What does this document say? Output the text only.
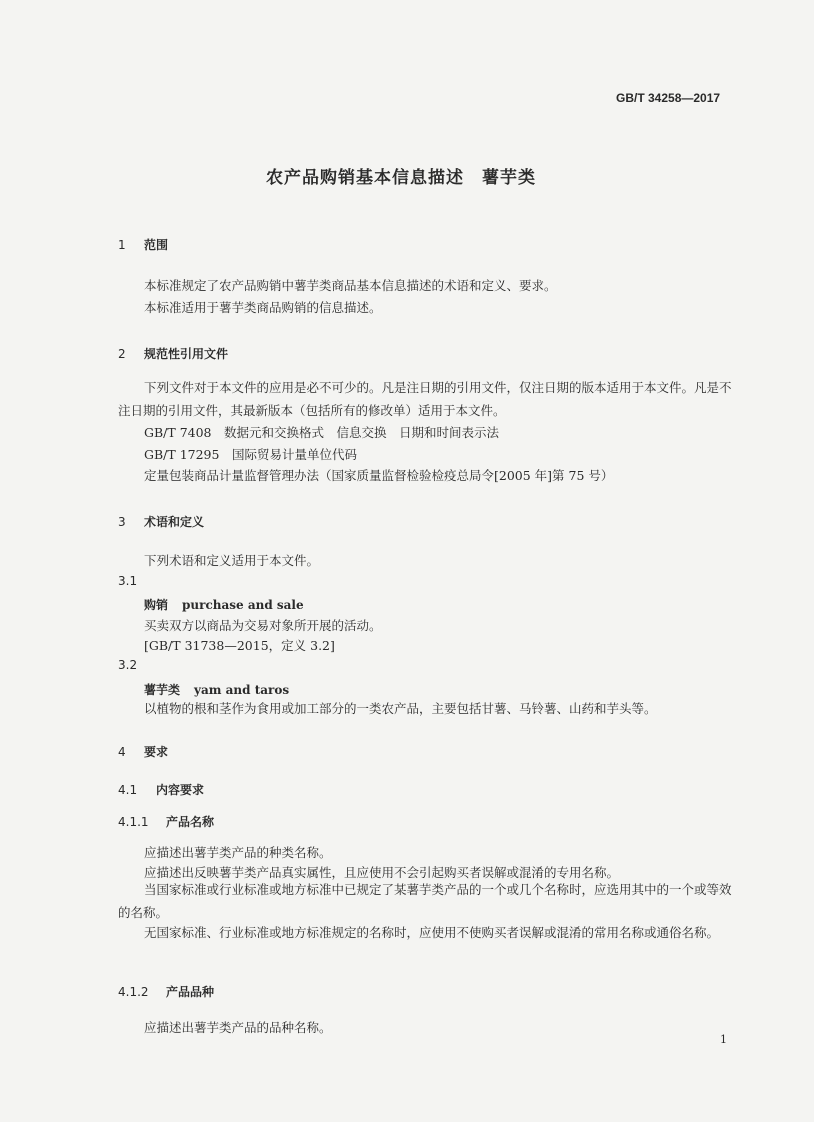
GB/T 34258—2017
农产品购销基本信息描述　薯芋类
1 范围
本标准规定了农产品购销中薯芋类商品基本信息描述的术语和定义、要求。
本标准适用于薯芋类商品购销的信息描述。
2 规范性引用文件
下列文件对于本文件的应用是必不可少的。凡是注日期的引用文件，仅注日期的版本适用于本文件。凡是不注日期的引用文件，其最新版本（包括所有的修改单）适用于本文件。
GB/T 7408　数据元和交换格式　信息交换　日期和时间表示法
GB/T 17295　国际贸易计量单位代码
定量包装商品计量监督管理办法（国家质量监督检验检疫总局令[2005 年]第 75 号）
3 术语和定义
下列术语和定义适用于本文件。
3.1
购销 purchase and sale
买卖双方以商品为交易对象所开展的活动。
[GB/T 31738—2015，定义 3.2]
3.2
薯芋类 yam and taros
以植物的根和茎作为食用或加工部分的一类农产品，主要包括甘薯、马铃薯、山药和芋头等。
4 要求
4.1 内容要求
4.1.1 产品名称
应描述出薯芋类产品的种类名称。
应描述出反映薯芋类产品真实属性，且应使用不会引起购买者误解或混淆的专用名称。
当国家标准或行业标准或地方标准中已规定了某薯芋类产品的一个或几个名称时，应选用其中的一个或等效的名称。
无国家标准、行业标准或地方标准规定的名称时，应使用不使购买者误解或混淆的常用名称或通俗名称。
4.1.2 产品品种
应描述出薯芋类产品的品种名称。
1
